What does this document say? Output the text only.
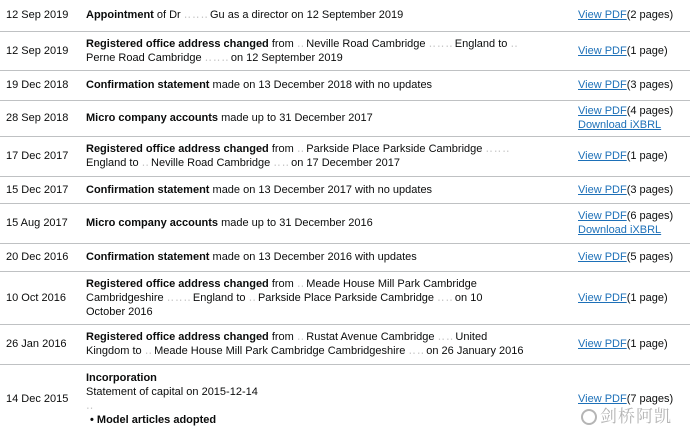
12 Sep 2019	Appointment of Dr ‥ ‥ ‥ Gu as a director on 12 September 2019	View PDF(2 pages)

12 Sep 2019	Registered office address changed from ‥ Neville Road Cambridge ‥ ‥ ‥ England to ‥
Perne Road Cambridge ‥ ‥ ‥ on 12 September 2019	View PDF(1 page)

19 Dec 2018	Confirmation statement made on 13 December 2018 with no updates	View PDF(3 pages)

28 Sep 2018	Micro company accounts made up to 31 December 2017	View PDF(4 pages)
Download iXBRL

17 Dec 2017	Registered office address changed from ‥ Parkside Place Parkside Cambridge ‥ ‥ ‥
England to ‥ Neville Road Cambridge ‥ ‥ on 17 December 2017	View PDF(1 page)

15 Dec 2017	Confirmation statement made on 13 December 2017 with no updates	View PDF(3 pages)

15 Aug 2017	Micro company accounts made up to 31 December 2016	View PDF(6 pages)
Download iXBRL

20 Dec 2016	Confirmation statement made on 13 December 2016 with updates	View PDF(5 pages)

10 Oct 2016	Registered office address changed from ‥ Meade House Mill Park Cambridge
Cambridgeshire ‥ ‥ ‥ England to ‥ Parkside Place Parkside Cambridge ‥ ‥ on 10
October 2016	View PDF(1 page)

26 Jan 2016	Registered office address changed from ‥ Rustat Avenue Cambridge ‥ ‥ United
Kingdom to ‥ Meade House Mill Park Cambridge Cambridgeshire ‥ ‥ on 26 January 2016	View PDF(1 page)

14 Dec 2015	Incorporation
Statement of capital on 2015-12-14
‥
• Model articles adopted	View PDF(7 pages)
剑桥阿凯
